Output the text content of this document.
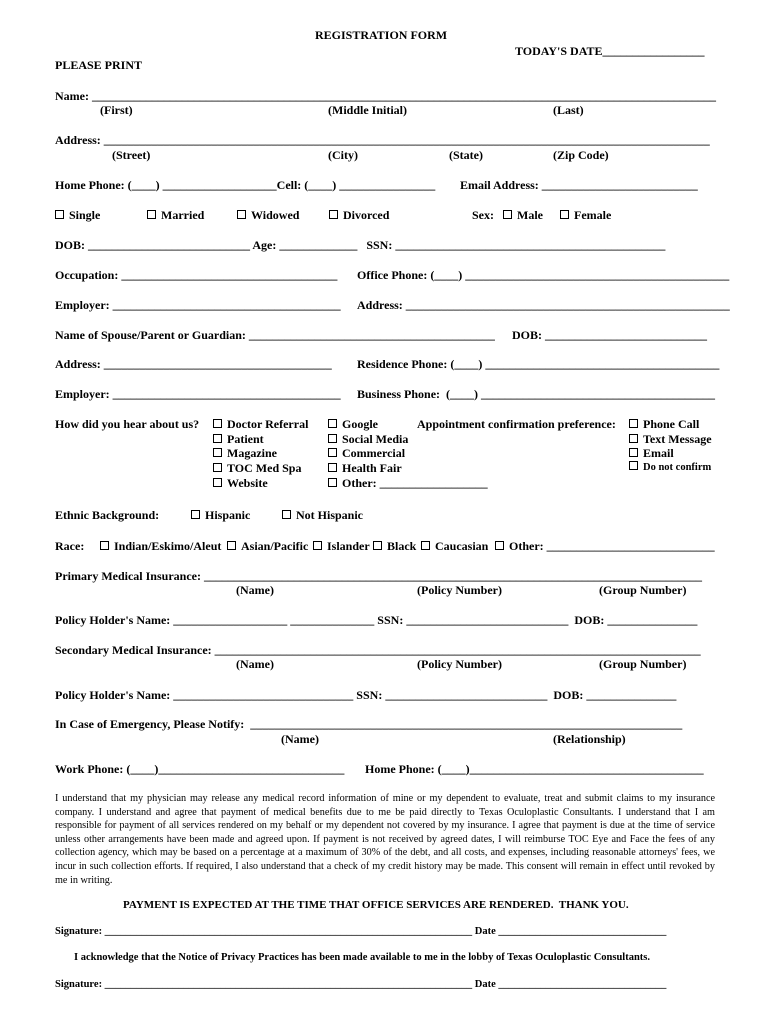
REGISTRATION FORM
TODAY'S DATE_________________
PLEASE PRINT
Name: ________________________________________________________________________________________________________
(First)	(Middle Initial)	(Last)
Address: _____________________________________________________________________________________________________
(Street)	(City)	(State)	(Zip Code)
Home Phone: (____) ___________________Cell: (____) ________________ Email Address: __________________________
Single	Married	Widowed	Divorced	Sex:	Male	Female
DOB: ___________________________ Age: _____________   SSN: _____________________________________________
Occupation: ____________________________________ Office Phone: (____) ____________________________________________
Employer: ______________________________________ Address: ______________________________________________________
Name of Spouse/Parent or Guardian: _________________________________________ DOB: ___________________________
Address: ______________________________________ Residence Phone: (____) _______________________________________
Employer: ______________________________________ Business Phone:  (____) _______________________________________
How did you hear about us?	Doctor Referral
Patient
Magazine
TOC Med Spa
Website
Google
Social Media
Commercial
Health Fair
Other: __________________
Appointment confirmation preference:	Phone Call
Text Message
Email
Do not confirm
Ethnic Background:	Hispanic	Not Hispanic
Race:	Indian/Eskimo/Aleut	Asian/Pacific	Islander	Black	Caucasian	Other: ____________________________
Primary Medical Insurance: ___________________________________________________________________________________
(Name)	(Policy Number)	(Group Number)
Policy Holder's Name: ___________________ ______________ SSN: ___________________________  DOB: _______________
Secondary Medical Insurance: _________________________________________________________________________________
(Name)	(Policy Number)	(Group Number)
Policy Holder's Name: ______________________________ SSN: ___________________________  DOB: _______________
In Case of Emergency, Please Notify:  ________________________________________________________________________
(Name)	(Relationship)
Work Phone: (____)_______________________________ Home Phone: (____)_______________________________________
I understand that my physician may release any medical record information of mine or my dependent to evaluate, treat and submit claims to my insurance company. I understand and agree that payment of medical benefits due to me be paid directly to Texas Oculoplastic Consultants. I understand that I am responsible for payment of all services rendered on my behalf or my dependent not covered by my insurance. I agree that payment is due at the time of service unless other arrangements have been made and agreed upon. If payment is not received by agreed dates, I will reimburse TOC Eye and Face the fees of any collection agency, which may be based on a percentage at a maximum of 30% of the debt, and all costs, and expenses, including reasonable attorneys' fees, we incur in such collection efforts. If required, I also understand that a check of my credit history may be made. This consent will remain in effect until revoked by me in writing.
PAYMENT IS EXPECTED AT THE TIME THAT OFFICE SERVICES ARE RENDERED.  THANK YOU.
Signature: ______________________________________________________________________ Date ________________________________
I acknowledge that the Notice of Privacy Practices has been made available to me in the lobby of Texas Oculoplastic Consultants.
Signature: ______________________________________________________________________ Date ________________________________
